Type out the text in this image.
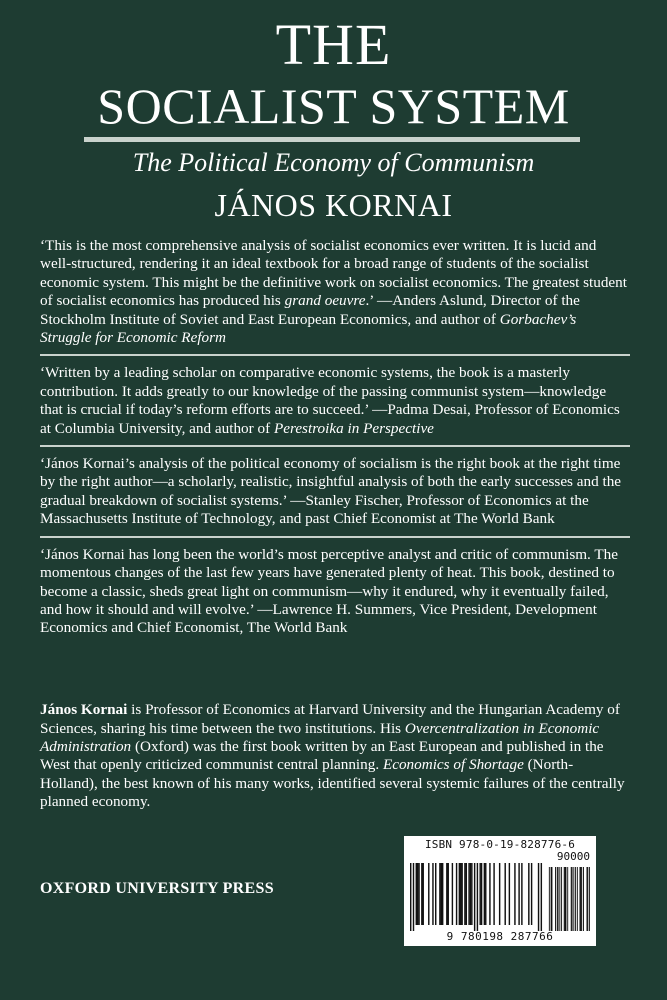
THE
SOCIALIST SYSTEM
The Political Economy of Communism
JÁNOS KORNAI

‘This is the most comprehensive analysis of socialist economics ever written. It is lucid and well-structured, rendering it an ideal textbook for a broad range of students of the socialist economic system. This might be the definitive work on socialist economics. The greatest student of socialist economics has produced his grand oeuvre.’ —Anders Aslund, Director of the Stockholm Institute of Soviet and East European Economics, and author of Gorbachev’s Struggle for Economic Reform

‘Written by a leading scholar on comparative economic systems, the book is a masterly contribution. It adds greatly to our knowledge of the passing communist system—knowledge that is crucial if today’s reform efforts are to succeed.’ —Padma Desai, Professor of Economics at Columbia University, and author of Perestroika in Perspective

‘János Kornai’s analysis of the political economy of socialism is the right book at the right time by the right author—a scholarly, realistic, insightful analysis of both the early successes and the gradual breakdown of socialist systems.’ —Stanley Fischer, Professor of Economics at the Massachusetts Institute of Technology, and past Chief Economist at The World Bank

‘János Kornai has long been the world’s most perceptive analyst and critic of communism. The momentous changes of the last few years have generated plenty of heat. This book, destined to become a classic, sheds great light on communism—why it endured, why it eventually failed, and how it should and will evolve.’ —Lawrence H. Summers, Vice President, Development Economics and Chief Economist, The World Bank

János Kornai is Professor of Economics at Harvard University and the Hungarian Academy of Sciences, sharing his time between the two institutions. His Overcentralization in Economic Administration (Oxford) was the first book written by an East European and published in the West that openly criticized communist central planning. Economics of Shortage (North-Holland), the best known of his many works, identified several systemic failures of the centrally planned economy.

OXFORD UNIVERSITY PRESS
ISBN 978-0-19-828776-6
90000
9 780198 287766
